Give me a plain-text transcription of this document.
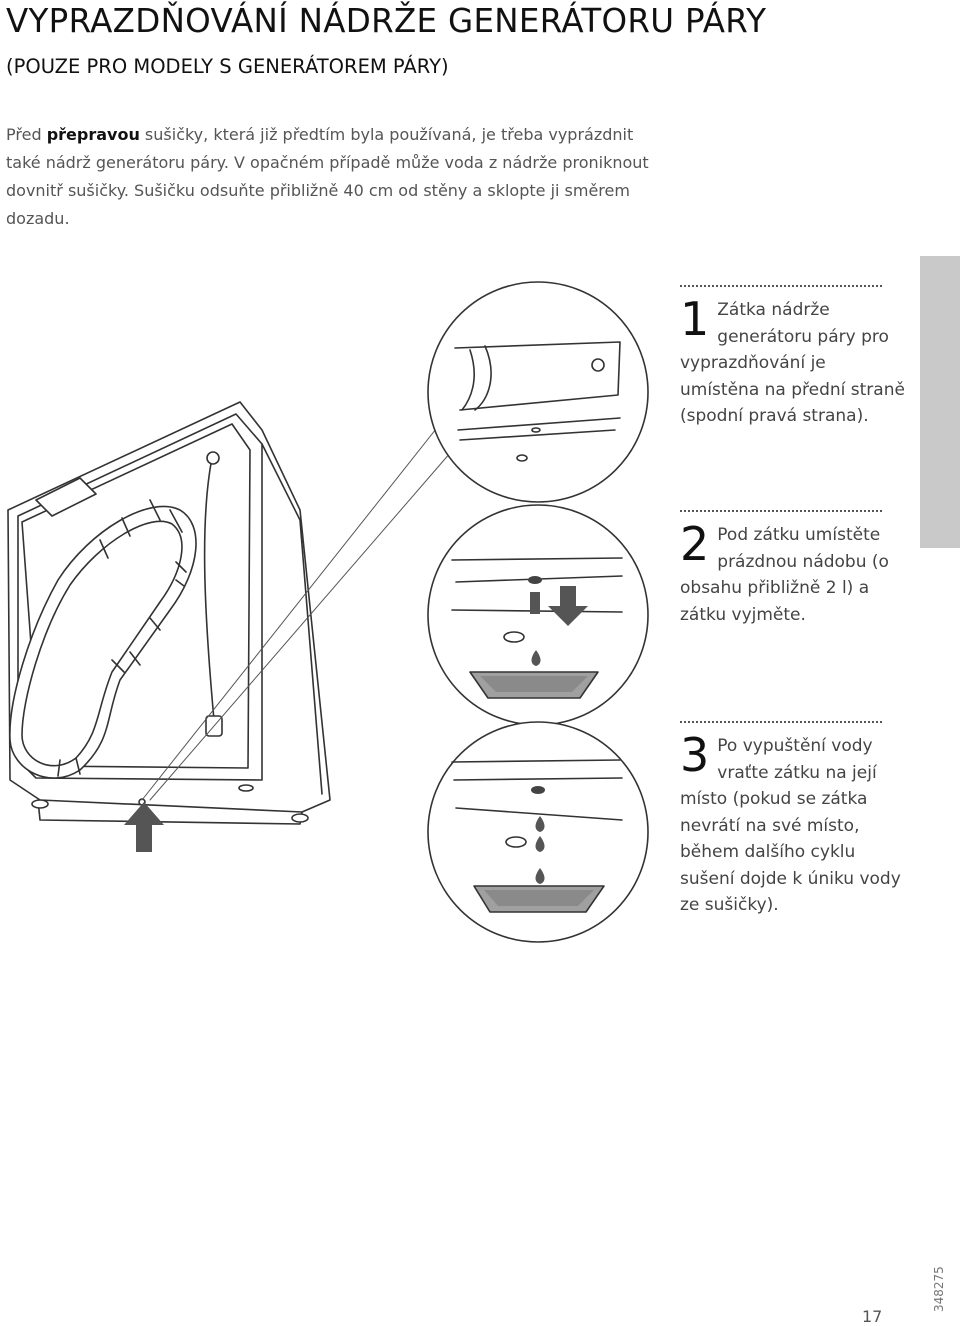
VYPRAZDŇOVÁNÍ NÁDRŽE GENERÁTORU PÁRY
(POUZE PRO MODELY S GENERÁTOREM PÁRY)

Před přepravou sušičky, která již předtím byla používaná, je třeba vyprázdnit také nádrž generátoru páry. V opačném případě může voda z nádrže proniknout dovnitř sušičky. Sušičku odsuňte přibližně 40 cm od stěny a sklopte ji směrem dozadu.

1 Zátka nádrže generátoru páry pro vyprazdňování je umístěna na přední straně (spodní pravá strana).
2 Pod zátku umístěte prázdnou nádobu (o obsahu přibližně 2 l) a zátku vyjměte.
3 Po vypuštění vody vraťte zátku na její místo (pokud se zátka nevrátí na své místo, během dalšího cyklu sušení dojde k úniku vody ze sušičky).
17
348275
